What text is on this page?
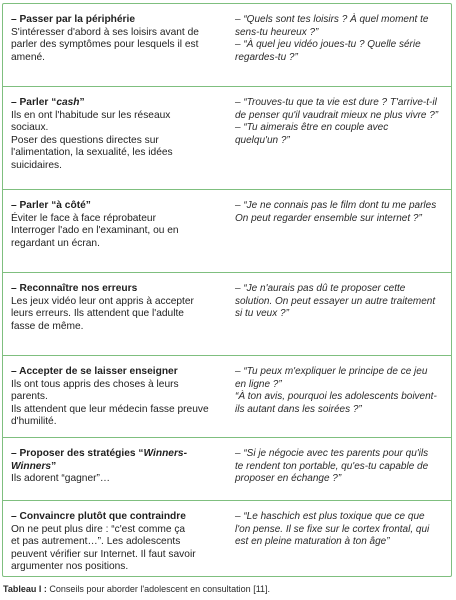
– Passer par la périphérie
S'intéresser d'abord à ses loisirs avant de
parler des symptômes pour lesquels il est
amené.
– “Quels sont tes loisirs ? À quel moment te
sens-tu heureux ?”
– “À quel jeu vidéo joues-tu ? Quelle série
regardes-tu ?”
– Parler “cash”
Ils en ont l'habitude sur les réseaux
sociaux.
Poser des questions directes sur
l'alimentation, la sexualité, les idées
suicidaires.
– “Trouves-tu que ta vie est dure ? T'arrive-t-il
de penser qu'il vaudrait mieux ne plus vivre ?”
– “Tu aimerais être en couple avec
quelqu'un ?”
– Parler “à côté”
Éviter le face à face réprobateur
Interroger l'ado en l'examinant, ou en
regardant un écran.
– “Je ne connais pas le film dont tu me parles
On peut regarder ensemble sur internet ?”
– Reconnaître nos erreurs
Les jeux vidéo leur ont appris à accepter
leurs erreurs. Ils attendent que l'adulte
fasse de même.
– “Je n'aurais pas dû te proposer cette
solution. On peut essayer un autre traitement
si tu veux ?”
– Accepter de se laisser enseigner
Ils ont tous appris des choses à leurs
parents.
Ils attendent que leur médecin fasse preuve
d'humilité.
– “Tu peux m'expliquer le principe de ce jeu
en ligne ?”
“À ton avis, pourquoi les adolescents boivent-
ils autant dans les soirées ?”
– Proposer des stratégies “Winners-
Winners”
Ils adorent “gagner”…
– “Si je négocie avec tes parents pour qu'ils
te rendent ton portable, qu'es-tu capable de
proposer en échange ?”
– Convaincre plutôt que contraindre
On ne peut plus dire : “c'est comme ça
et pas autrement…”. Les adolescents
peuvent vérifier sur Internet. Il faut savoir
argumenter nos positions.
– “Le haschich est plus toxique que ce que
l'on pense. Il se fixe sur le cortex frontal, qui
est en pleine maturation à ton âge”
Tableau I : Conseils pour aborder l'adolescent en consultation [11].
